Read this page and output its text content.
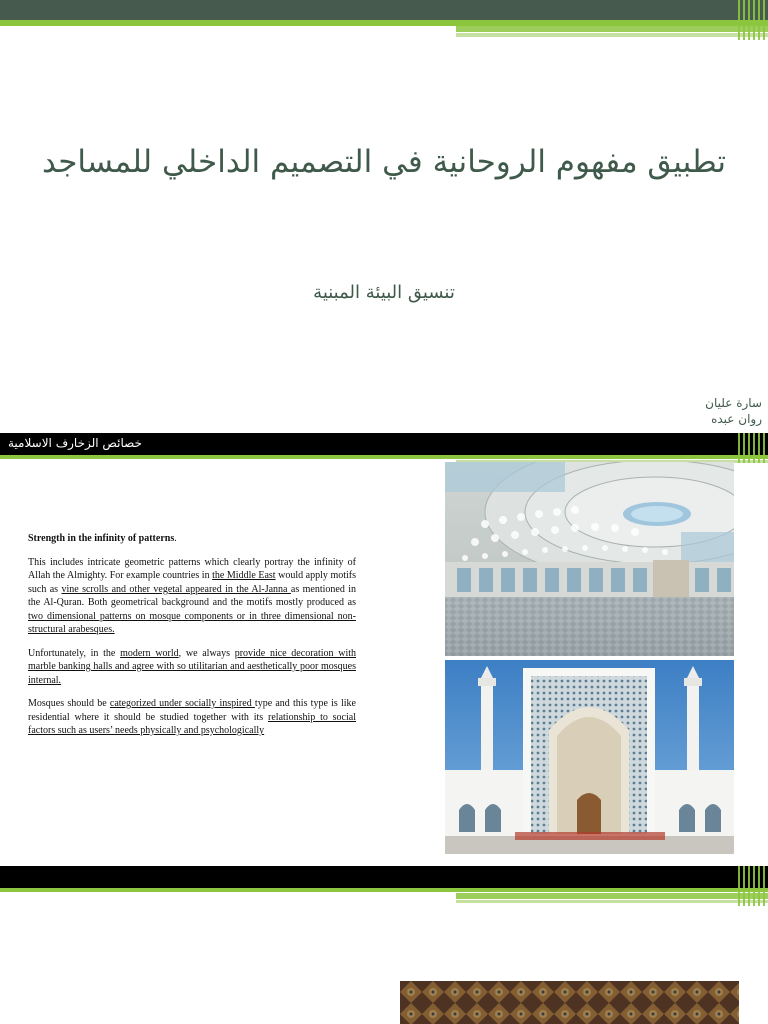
تطبيق مفهوم الروحانية في التصميم الداخلي للمساجد
تنسيق البيئة المبنية
سارة عليان
روان عبده
خصائص الزخارف الاسلامية

Strength in the infinity of patterns.

This includes intricate geometric patterns which clearly portray the infinity of Allah the Almighty. For example countries in the Middle East would apply motifs such as vine scrolls and other vegetal appeared in the Al-Janna as mentioned in the Al-Quran. Both geometrical background and the motifs mostly produced as two dimensional patterns on mosque components or in three dimensional non-structural arabesques.

Unfortunately, in the modern world, we always provide nice decoration with marble banking halls and agree with so utilitarian and aesthetically poor mosques internal.

Mosques should be categorized under socially inspired type and this type is like residential where it should be studied together with its relationship to social factors such as users’ needs physically and psychologically
